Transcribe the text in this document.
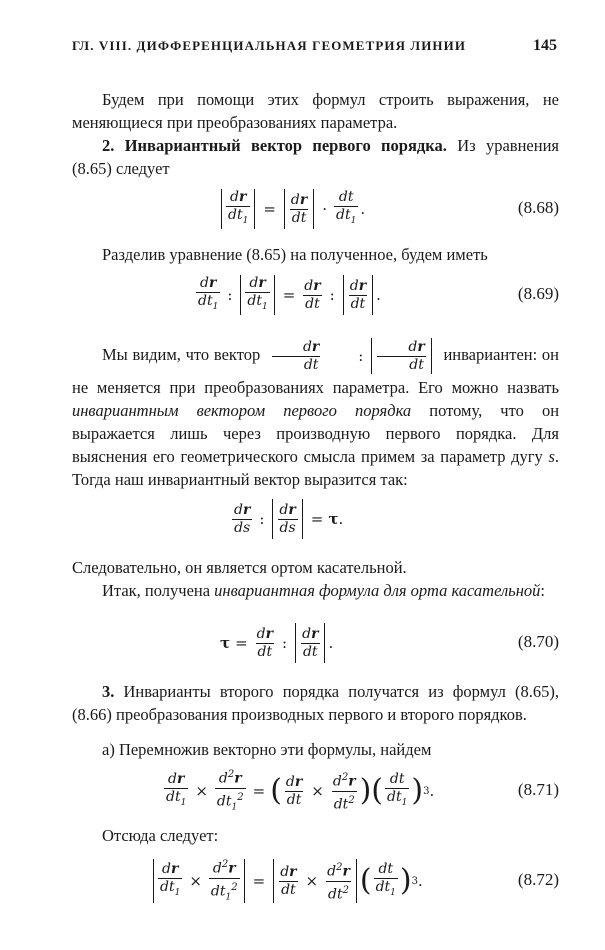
ГЛ. VIII. ДИФФЕРЕНЦИАЛЬНАЯ ГЕОМЕТРИЯ ЛИНИИ	145
Будем при помощи этих формул строить выражения, не меняющиеся при преобразованиях параметра.
2. Инвариантный вектор первого порядка. Из уравнения (8.65) следует
$\frac{dr}{dt_1} = \frac{dr}{dt} \cdot \frac{dt}{dt_1}$ .	(8.68)
Разделив уравнение (8.65) на полученное, будем иметь
$\frac{dr}{dt_1}$ : $\frac{dr}{dt_1} = \frac{dr}{dt}$ : $\frac{dr}{dt}$ .	(8.69)
Мы видим, что вектор $\frac{dr}{dt}$	: $\frac{dr}{dt}$ инвариантен: он не меняется при преобразованиях параметра. Его можно назвать инвариантным вектором первого порядка потому, что он выражается лишь через производную первого порядка. Для выяснения его геометрического смысла примем за параметр дугу s. Тогда наш инвариантный вектор выразится так:
$\frac{dr}{ds}$ : $\frac{dr}{ds} = \tau$ .
Следовательно, он является ортом касательной.
Итак, получена инвариантная формула для орта касательной:
$\tau = \frac{dr}{dt}$ : $\frac{dr}{dt}$ .	(8.70)
3. Инварианты второго порядка получатся из формул (8.65), (8.66) преобразования производных первого и второго порядков.
а) Перемножив векторно эти формулы, найдем
$\frac{dr}{dt_1} \times \frac{d^2r}{dt_1^2}$ = ( $\frac{dr}{dt} \times \frac{d^2r}{dt^2}$ ) ( $\frac{dt}{dt_1}$ ) 3 .	(8.71)
Отсюда следует:
$\frac{dr}{dt_1} \times \frac{d^2r}{dt_1^2} = \frac{dr}{dt} \times \frac{d^2r}{dt^2}$ ( $\frac{dt}{dt_1}$ ) 3 .	(8.72)
